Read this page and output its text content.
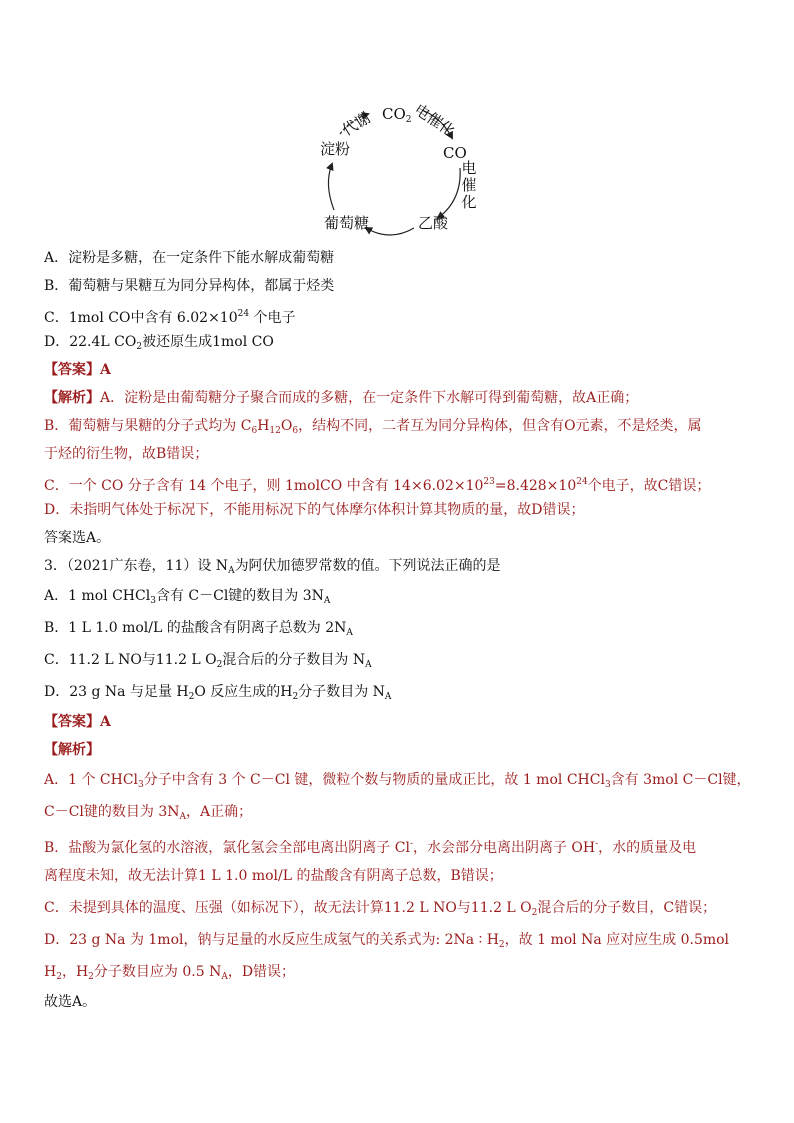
$CO_2$
CO
乙酸
葡萄糖
淀粉
代谢 电催化
电催化
A．淀粉是多糖，在一定条件下能水解成葡萄糖
B．葡萄糖与果糖互为同分异构体，都属于烃类
C．1mol CO中含有 $6.02\times 10^{24}$ 个电子
D．22.4L $CO_2$被还原生成1mol CO
【答案】A
【解析】A．淀粉是由葡萄糖分子聚合而成的多糖，在一定条件下水解可得到葡萄糖，故A正确；
B．葡萄糖与果糖的分子式均为 $C_6H_{12}O_6$，结构不同，二者互为同分异构体，但含有O元素，不是烃类，属
于烃的衍生物，故B错误；
C．一个 CO 分子含有 14 个电子，则 1molCO 中含有 $14\times 6.02\times 10^{23}=8.428\times 10^{24}$个电子，故C错误；
D．未指明气体处于标况下，不能用标况下的气体摩尔体积计算其物质的量，故D错误；
答案选A。
3．（2021广东卷，11）设 $N_A$为阿伏加德罗常数的值。下列说法正确的是
A．1 mol CHCl$_3$含有 C－Cl键的数目为 $3N_A$
B．1 L 1.0 mol/L 的盐酸含有阴离子总数为 $2N_A$
C．11.2 L NO与11.2 L $O_2$混合后的分子数目为 $N_A$
D．23 g Na 与足量 $H_2O$ 反应生成的$H_2$分子数目为 $N_A$
【答案】A
【解析】
A．1 个 CHCl$_3$分子中含有 3 个 C－Cl 键，微粒个数与物质的量成正比，故 1 mol CHCl$_3$含有 3mol C－Cl键，
C－Cl键的数目为 $3N_A$，A正确；
B．盐酸为氯化氢的水溶液，氯化氢会全部电离出阴离子 Cl-，水会部分电离出阴离子 OH-，水的质量及电
离程度未知，故无法计算1 L 1.0 mol/L 的盐酸含有阴离子总数，B错误；
C．未提到具体的温度、压强（如标况下），故无法计算11.2 L NO与11.2 L $O_2$混合后的分子数目，C错误；
D．23 g Na 为 1mol，钠与足量的水反应生成氢气的关系式为: 2Na ∶ $H_2$，故 1 mol Na 应对应生成 0.5mol
$H_2$，$H_2$分子数目应为 0.5 $N_A$，D错误；
故选A。
